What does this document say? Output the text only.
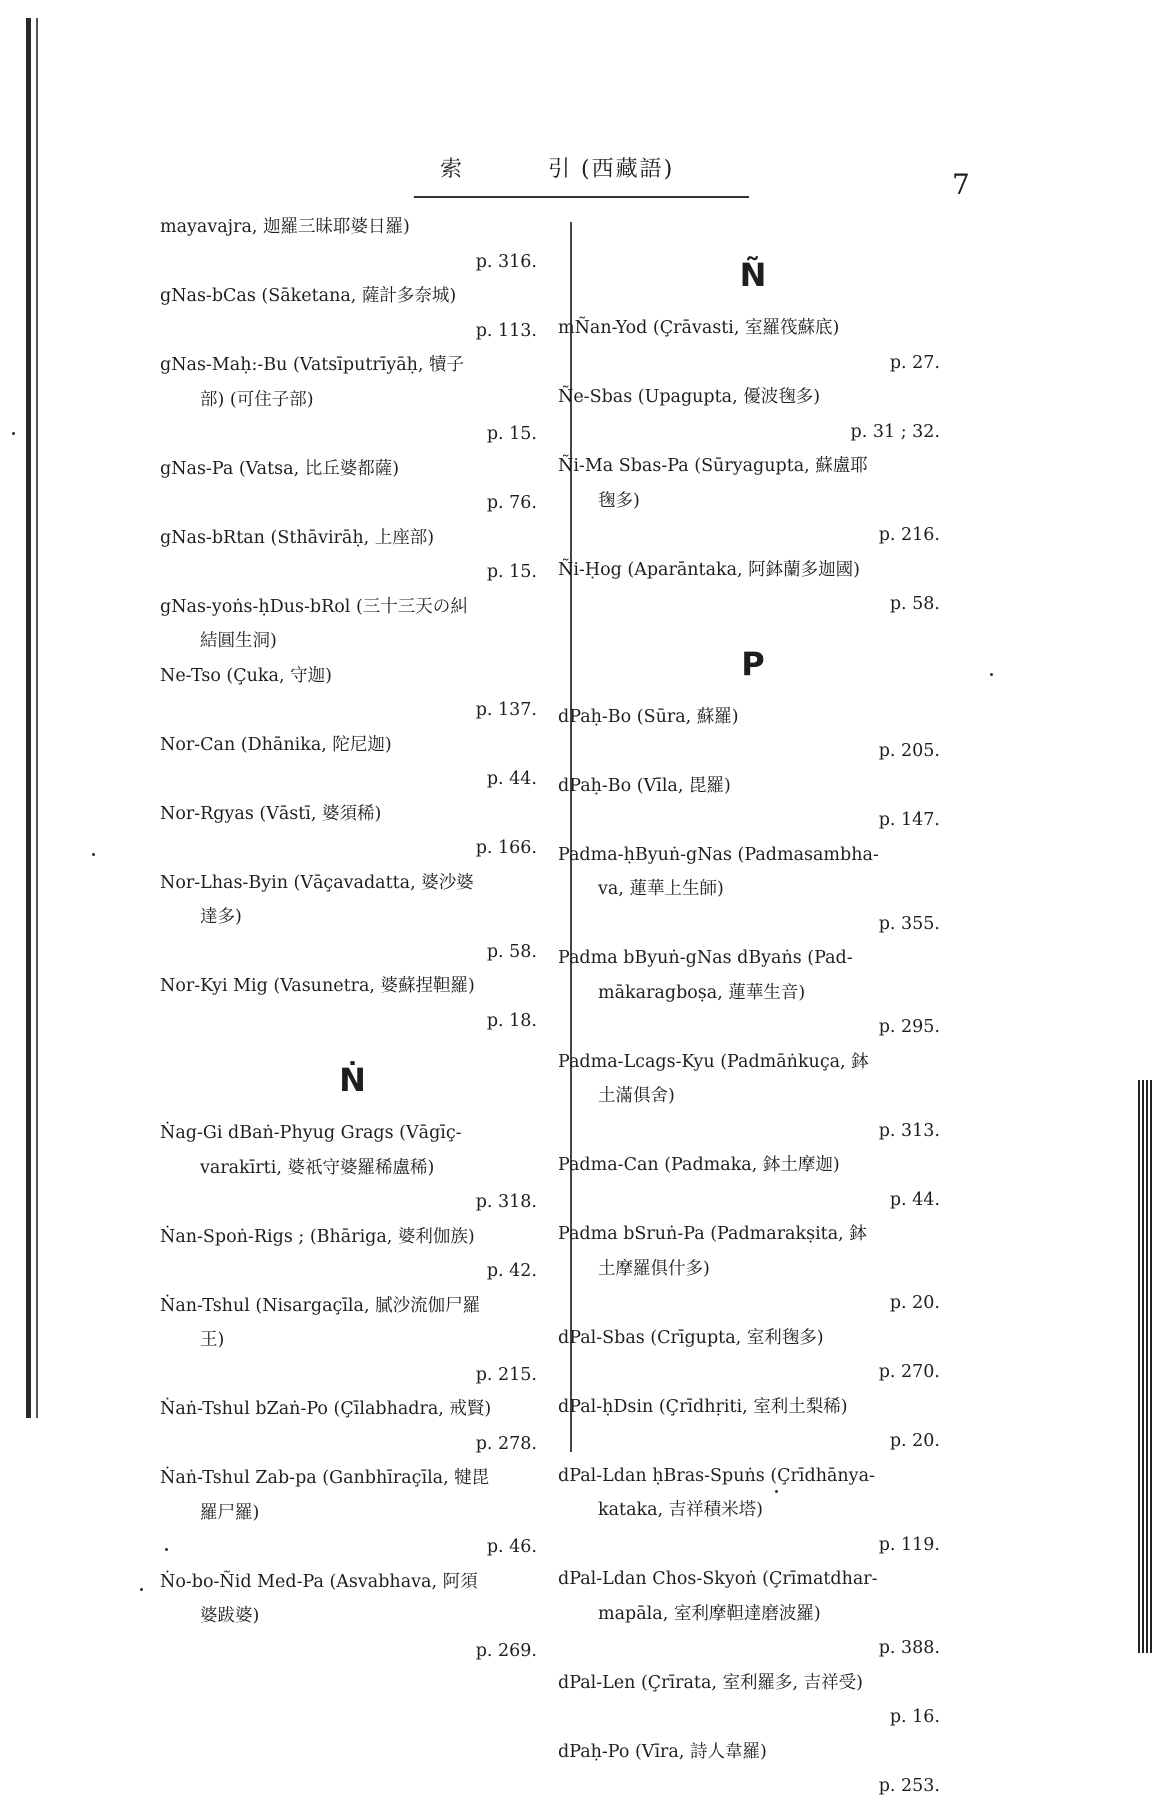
索	引 (西藏語)	7
mayavajra, 迦羅三昧耶婆日羅)
p. 316.
gNas-bCas (Sāketana, 薩計多奈城)
p. 113.
gNas-Maḥ:-Bu (Vatsīputrīyāḥ, 犢子
部) (可住子部)
p. 15.
gNas-Pa (Vatsa, 比丘婆都薩)
p. 76.
gNas-bRtan (Sthāvirāḥ, 上座部)
p. 15.
gNas-yoṅs-ḥDus-bRol (三十三天の糾
結圓生洞)
Ne-Tso (Çuka, 守迦)
p. 137.
Nor-Can (Dhānika, 陀尼迦)
p. 44.
Nor-Rgyas (Vāstī, 婆須稀)
p. 166.
Nor-Lhas-Byin (Vāçavadatta, 婆沙婆
達多)
p. 58.
Nor-Kyi Mig (Vasunetra, 婆蘇捏靼羅)
p. 18.
Ṅ
Ṅag-Gi dBaṅ-Phyug Grags (Vāgīç-
varakīrti, 婆祇守婆羅稀盧稀)
p. 318.
Ṅan-Spoṅ-Rigs ; (Bhāriga, 婆利伽族)
p. 42.
Ṅan-Tshul (Nisargaçīla, 膩沙流伽尸羅
王)
p. 215.
Ṅaṅ-Tshul bZaṅ-Po (Çīlabhadra, 戒賢)
p. 278.
Ṅaṅ-Tshul Zab-pa (Ganbhīraçīla, 犍毘
羅尸羅)
p. 46.
Ṅo-bo-Ñid Med-Pa (Asvabhava, 阿須
婆跋婆)
p. 269.
Ñ
mÑan-Yod (Çrāvasti, 室羅筏蘇底)
p. 27.
Ñe-Sbas (Upagupta, 優波毱多)
p. 31 ; 32.
Ñi-Ma Sbas-Pa (Sūryagupta, 蘇盧耶
毱多)
p. 216.
Ñi-Ḥog (Aparāntaka, 阿鉢蘭多迦國)
p. 58.
P
dPaḥ-Bo (Sūra, 蘇羅)
p. 205.
dPaḥ-Bo (Vīla, 毘羅)
p. 147.
Padma-ḥByuṅ-gNas (Padmasambha-
va, 蓮華上生師)
p. 355.
Padma bByuṅ-gNas dByaṅs (Pad-
mākaragboṣa, 蓮華生音)
p. 295.
Padma-Lcags-Kyu (Padmāṅkuça, 鉢
土滿俱舍)
p. 313.
Padma-Can (Padmaka, 鉢土摩迦)
p. 44.
Padma bSruṅ-Pa (Padmarakṣita, 鉢
土摩羅俱什多)
p. 20.
dPal-Sbas (Crīgupta, 室利毱多)
p. 270.
dPal-ḥDsin (Çrīdhṛiti, 室利土梨稀)
p. 20.
dPal-Ldan ḥBras-Spuṅs (Çrīdhānya-
kataka, 吉祥積米塔)
p. 119.
dPal-Ldan Chos-Skyoṅ (Çrīmatdhar-
mapāla, 室利摩靼達磨波羅)
p. 388.
dPal-Len (Çrīrata, 室利羅多, 吉祥受)
p. 16.
dPaḥ-Po (Vīra, 詩人韋羅)
p. 253.
